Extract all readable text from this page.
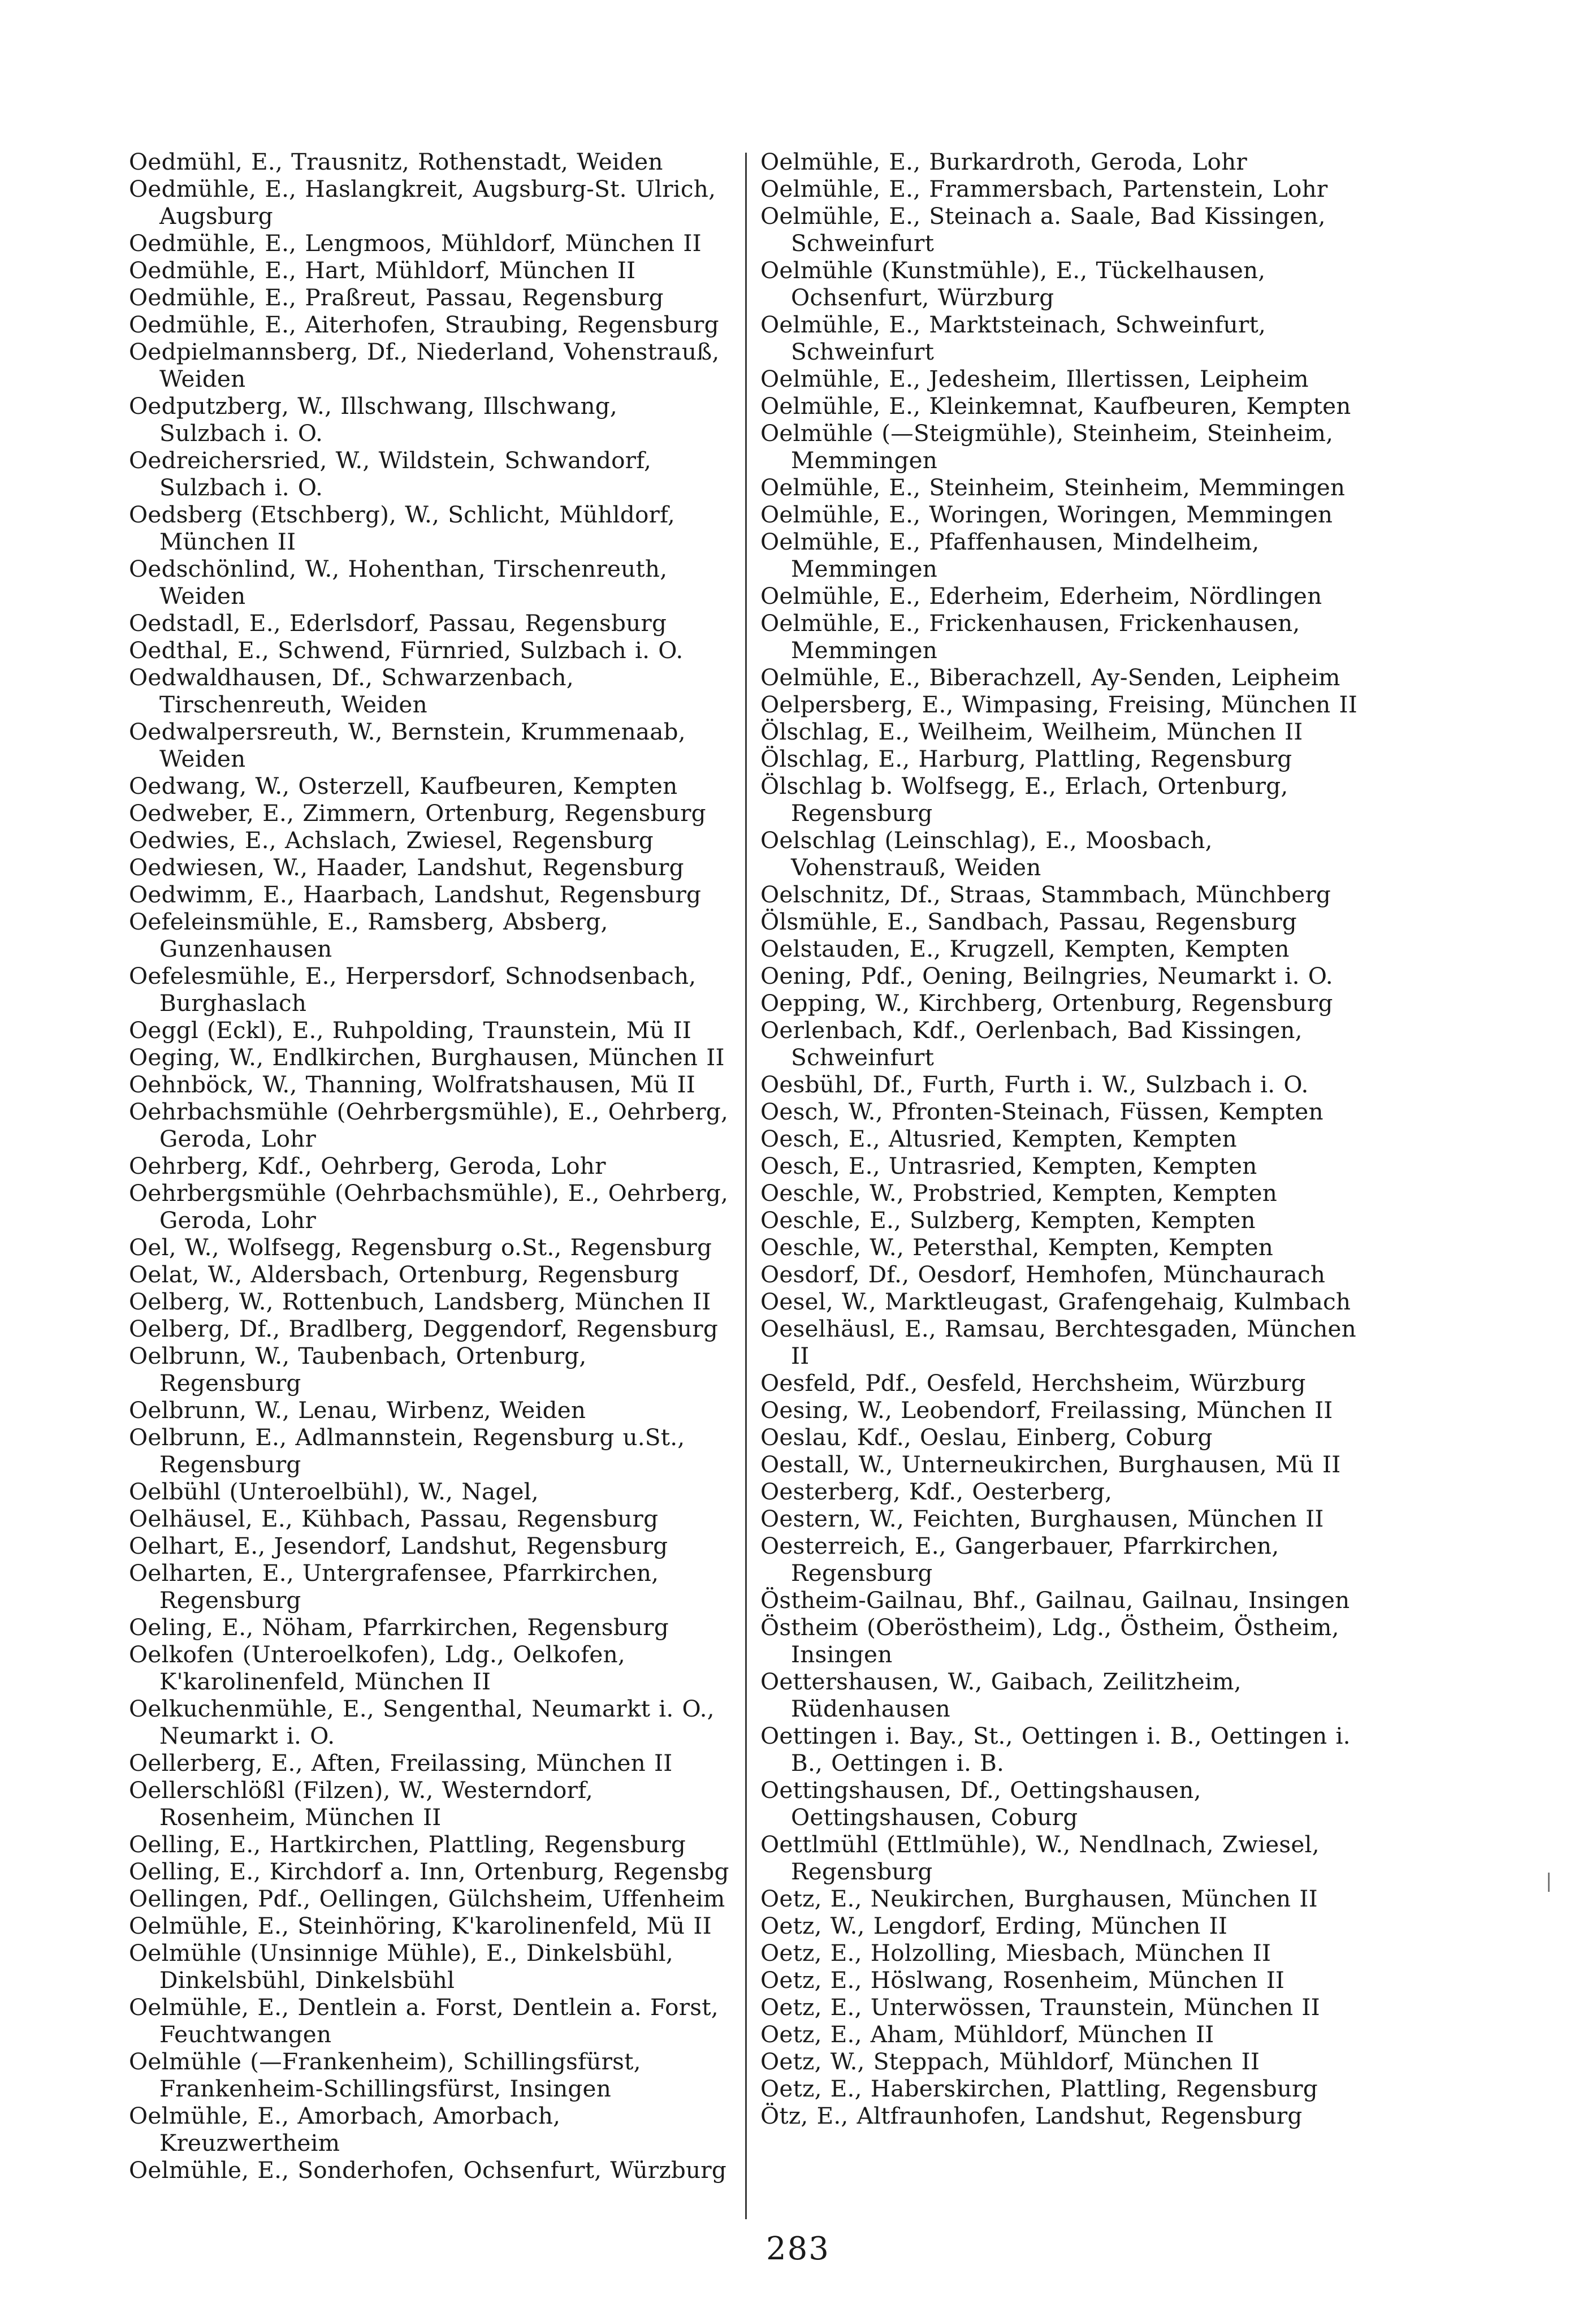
Oedmühl, E., Trausnitz, Rothenstadt, Weiden

Oedmühle, E., Haslangkreit, Augsburg-St. Ulrich, Augsburg

Oedmühle, E., Lengmoos, Mühldorf, München II

Oedmühle, E., Hart, Mühldorf, München II

Oedmühle, E., Praßreut, Passau, Regensburg

Oedmühle, E., Aiterhofen, Straubing, Regensburg

Oedpielmannsberg, Df., Niederland, Vohenstrauß, Weiden

Oedputzberg, W., Illschwang, Illschwang, Sulzbach i. O.

Oedreichersried, W., Wildstein, Schwandorf, Sulzbach i. O.

Oedsberg (Etschberg), W., Schlicht, Mühldorf, München II

Oedschönlind, W., Hohenthan, Tirschenreuth, Weiden

Oedstadl, E., Ederlsdorf, Passau, Regensburg

Oedthal, E., Schwend, Fürnried, Sulzbach i. O.

Oedwaldhausen, Df., Schwarzenbach, Tirschenreuth, Weiden

Oedwalpersreuth, W., Bernstein, Krummenaab, Weiden

Oedwang, W., Osterzell, Kaufbeuren, Kempten

Oedweber, E., Zimmern, Ortenburg, Regensburg

Oedwies, E., Achslach, Zwiesel, Regensburg

Oedwiesen, W., Haader, Landshut, Regensburg

Oedwimm, E., Haarbach, Landshut, Regensburg

Oefeleinsmühle, E., Ramsberg, Absberg, Gunzenhausen

Oefelesmühle, E., Herpersdorf, Schnodsenbach, Burghaslach

Oeggl (Eckl), E., Ruhpolding, Traunstein, Mü II

Oeging, W., Endlkirchen, Burghausen, München II

Oehnböck, W., Thanning, Wolfratshausen, Mü II

Oehrbachsmühle (Oehrbergsmühle), E., Oehrberg, Geroda, Lohr

Oehrberg, Kdf., Oehrberg, Geroda, Lohr

Oehrbergsmühle (Oehrbachsmühle), E., Oehrberg, Geroda, Lohr

Oel, W., Wolfsegg, Regensburg o.St., Regensburg

Oelat, W., Aldersbach, Ortenburg, Regensburg

Oelberg, W., Rottenbuch, Landsberg, München II

Oelberg, Df., Bradlberg, Deggendorf, Regensburg

Oelbrunn, W., Taubenbach, Ortenburg, Regensburg

Oelbrunn, W., Lenau, Wirbenz, Weiden

Oelbrunn, E., Adlmannstein, Regensburg u.St., Regensburg

Oelbühl (Unteroelbühl), W., Nagel,

Oelhäusel, E., Kühbach, Passau, Regensburg

Oelhart, E., Jesendorf, Landshut, Regensburg

Oelharten, E., Untergrafensee, Pfarrkirchen, Regensburg

Oeling, E., Nöham, Pfarrkirchen, Regensburg

Oelkofen (Unteroelkofen), Ldg., Oelkofen, K'karolinenfeld, München II

Oelkuchenmühle, E., Sengenthal, Neumarkt i. O., Neumarkt i. O.

Oellerberg, E., Aften, Freilassing, München II

Oellerschlößl (Filzen), W., Westerndorf, Rosenheim, München II

Oelling, E., Hartkirchen, Plattling, Regensburg

Oelling, E., Kirchdorf a. Inn, Ortenburg, Regensbg

Oellingen, Pdf., Oellingen, Gülchsheim, Uffenheim

Oelmühle, E., Steinhöring, K'karolinenfeld, Mü II

Oelmühle (Unsinnige Mühle), E., Dinkelsbühl, Dinkelsbühl, Dinkelsbühl

Oelmühle, E., Dentlein a. Forst, Dentlein a. Forst, Feuchtwangen

Oelmühle (—Frankenheim), Schillingsfürst, Frankenheim-Schillingsfürst, Insingen

Oelmühle, E., Amorbach, Amorbach, Kreuzwertheim

Oelmühle, E., Sonderhofen, Ochsenfurt, Würzburg

Oelmühle, E., Burkardroth, Geroda, Lohr

Oelmühle, E., Frammersbach, Partenstein, Lohr

Oelmühle, E., Steinach a. Saale, Bad Kissingen, Schweinfurt

Oelmühle (Kunstmühle), E., Tückelhausen, Ochsenfurt, Würzburg

Oelmühle, E., Marktsteinach, Schweinfurt, Schweinfurt

Oelmühle, E., Jedesheim, Illertissen, Leipheim

Oelmühle, E., Kleinkemnat, Kaufbeuren, Kempten

Oelmühle (—Steigmühle), Steinheim, Steinheim, Memmingen

Oelmühle, E., Steinheim, Steinheim, Memmingen

Oelmühle, E., Woringen, Woringen, Memmingen

Oelmühle, E., Pfaffenhausen, Mindelheim, Memmingen

Oelmühle, E., Ederheim, Ederheim, Nördlingen

Oelmühle, E., Frickenhausen, Frickenhausen, Memmingen

Oelmühle, E., Biberachzell, Ay-Senden, Leipheim

Oelpersberg, E., Wimpasing, Freising, München II

Ölschlag, E., Weilheim, Weilheim, München II

Ölschlag, E., Harburg, Plattling, Regensburg

Ölschlag b. Wolfsegg, E., Erlach, Ortenburg, Regensburg

Oelschlag (Leinschlag), E., Moosbach, Vohenstrauß, Weiden

Oelschnitz, Df., Straas, Stammbach, Münchberg

Ölsmühle, E., Sandbach, Passau, Regensburg

Oelstauden, E., Krugzell, Kempten, Kempten

Oening, Pdf., Oening, Beilngries, Neumarkt i. O.

Oepping, W., Kirchberg, Ortenburg, Regensburg

Oerlenbach, Kdf., Oerlenbach, Bad Kissingen, Schweinfurt

Oesbühl, Df., Furth, Furth i. W., Sulzbach i. O.

Oesch, W., Pfronten-Steinach, Füssen, Kempten

Oesch, E., Altusried, Kempten, Kempten

Oesch, E., Untrasried, Kempten, Kempten

Oeschle, W., Probstried, Kempten, Kempten

Oeschle, E., Sulzberg, Kempten, Kempten

Oeschle, W., Petersthal, Kempten, Kempten

Oesdorf, Df., Oesdorf, Hemhofen, Münchaurach

Oesel, W., Marktleugast, Grafengehaig, Kulmbach

Oeselhäusl, E., Ramsau, Berchtesgaden, München II

Oesfeld, Pdf., Oesfeld, Herchsheim, Würzburg

Oesing, W., Leobendorf, Freilassing, München II

Oeslau, Kdf., Oeslau, Einberg, Coburg

Oestall, W., Unterneukirchen, Burghausen, Mü II

Oesterberg, Kdf., Oesterberg,

Oestern, W., Feichten, Burghausen, München II

Oesterreich, E., Gangerbauer, Pfarrkirchen, Regensburg

Östheim-Gailnau, Bhf., Gailnau, Gailnau, Insingen

Östheim (Oberöstheim), Ldg., Östheim, Östheim, Insingen

Oettershausen, W., Gaibach, Zeilitzheim, Rüdenhausen

Oettingen i. Bay., St., Oettingen i. B., Oettingen i. B., Oettingen i. B.

Oettingshausen, Df., Oettingshausen, Oettingshausen, Coburg

Oettlmühl (Ettlmühle), W., Nendlnach, Zwiesel, Regensburg

Oetz, E., Neukirchen, Burghausen, München II

Oetz, W., Lengdorf, Erding, München II

Oetz, E., Holzolling, Miesbach, München II

Oetz, E., Höslwang, Rosenheim, München II

Oetz, E., Unterwössen, Traunstein, München II

Oetz, E., Aham, Mühldorf, München II

Oetz, W., Steppach, Mühldorf, München II

Oetz, E., Haberskirchen, Plattling, Regensburg

Ötz, E., Altfraunhofen, Landshut, Regensburg

283
